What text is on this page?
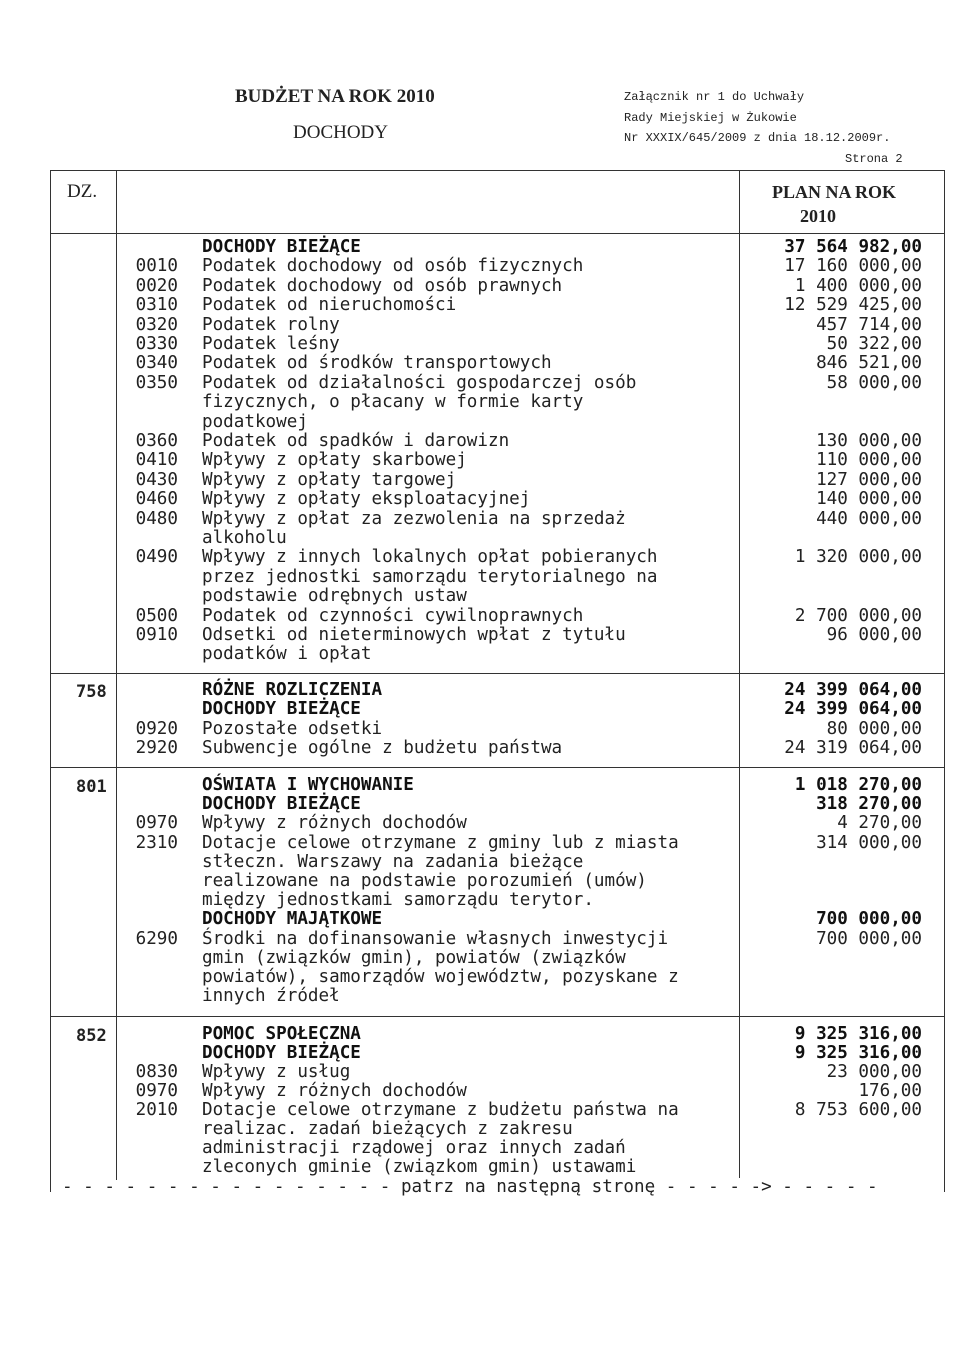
BUDŻET NA ROK 2010
DOCHODY
Załącznik nr 1 do Uchwały
Rady Miejskiej w Żukowie
Nr XXXIX/645/2009 z dnia 18.12.2009r.
Strona 2
DZ.	PLAN NA ROK
2010
DOCHODY BIEŻĄCE	37 564 982,00
0010 Podatek dochodowy od osób fizycznych	17 160 000,00
0020 Podatek dochodowy od osób prawnych	1 400 000,00
0310 Podatek od nieruchomości	12 529 425,00
0320 Podatek rolny	457 714,00
0330 Podatek leśny	50 322,00
0340 Podatek od środków transportowych	846 521,00
0350 Podatek od działalności gospodarczej osób	58 000,00
fizycznych, o płacany w formie karty
podatkowej
0360 Podatek od spadków i darowizn	130 000,00
0410 Wpływy z opłaty skarbowej	110 000,00
0430 Wpływy z opłaty targowej	127 000,00
0460 Wpływy z opłaty eksploatacyjnej	140 000,00
0480 Wpływy z opłat za zezwolenia na sprzedaż	440 000,00
alkoholu
0490 Wpływy z innych lokalnych opłat pobieranych	1 320 000,00
przez jednostki samorządu terytorialnego na
podstawie odrębnych ustaw
0500 Podatek od czynności cywilnoprawnych	2 700 000,00
0910 Odsetki od nieterminowych wpłat z tytułu	96 000,00
podatków i opłat
758	RÓŻNE ROZLICZENIA	24 399 064,00
DOCHODY BIEŻĄCE	24 399 064,00
0920 Pozostałe odsetki	80 000,00
2920 Subwencje ogólne z budżetu państwa	24 319 064,00
801	OŚWIATA I WYCHOWANIE	1 018 270,00
DOCHODY BIEŻĄCE	318 270,00
0970 Wpływy z różnych dochodów	4 270,00
2310 Dotacje celowe otrzymane z gminy lub z miasta	314 000,00
stłeczn. Warszawy na zadania bieżące
realizowane na podstawie porozumień (umów)
między jednostkami samorządu terytor.
DOCHODY MAJĄTKOWE	700 000,00
6290 Środki na dofinansowanie własnych inwestycji	700 000,00
gmin (związków gmin), powiatów (związków
powiatów), samorządów województw, pozyskane z
innych źródeł
852	POMOC SPOŁECZNA	9 325 316,00
DOCHODY BIEŻĄCE	9 325 316,00
0830 Wpływy z usług	23 000,00
0970 Wpływy z różnych dochodów	176,00
2010 Dotacje celowe otrzymane z budżetu państwa na	8 753 600,00
realizac. zadań bieżących z zakresu
administracji rządowej oraz innych zadań
zleconych gminie (związkom gmin) ustawami
- - - - - - - - - - - - - - - - patrz na następną stronę - - - - -> - - - - -
